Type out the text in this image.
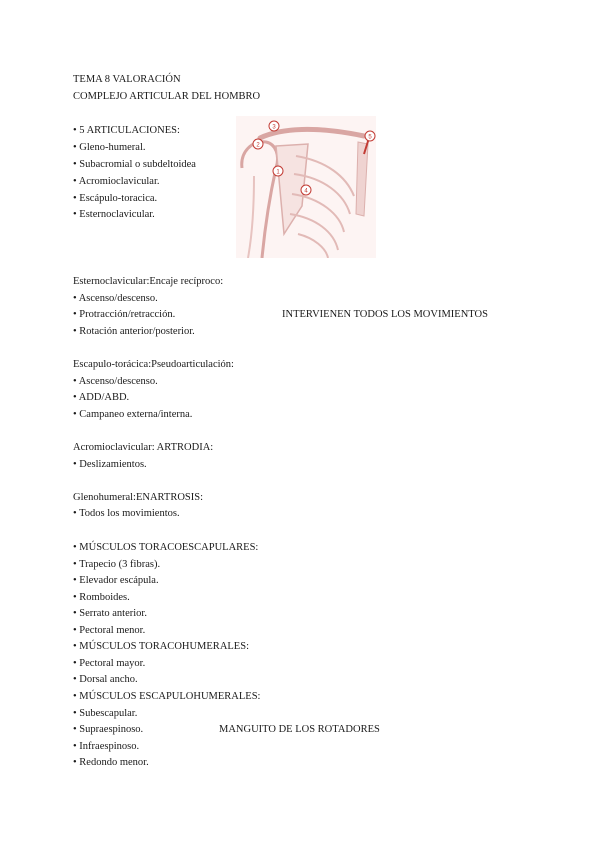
TEMA 8 VALORACIÓN
COMPLEJO ARTICULAR DEL HOMBRO
• 5 ARTICULACIONES:
• Gleno-humeral.
• Subacromial o subdeltoidea
• Acromioclavicular.
• Escápulo-toracica.
• Esternoclavicular.
1
2
3
4
5
Esternoclavicular:Encaje recíproco:
• Ascenso/descenso.
• Protracción/retracción.
• Rotación anterior/posterior.
INTERVIENEN TODOS LOS MOVIMIENTOS
Escapulo-torácica:Pseudoarticulación:
• Ascenso/descenso.
• ADD/ABD.
• Campaneo externa/interna.
Acromioclavicular: ARTRODIA:
• Deslizamientos.
Glenohumeral:ENARTROSIS:
• Todos los movimientos.
• MÚSCULOS TORACOESCAPULARES:
• Trapecio (3 fibras).
• Elevador escápula.
• Romboides.
• Serrato anterior.
• Pectoral menor.
• MÚSCULOS TORACOHUMERALES:
• Pectoral mayor.
• Dorsal ancho.
• MÚSCULOS ESCAPULOHUMERALES:
• Subescapular.
• Supraespinoso.
• Infraespinoso.
• Redondo menor.
MANGUITO DE LOS ROTADORES
